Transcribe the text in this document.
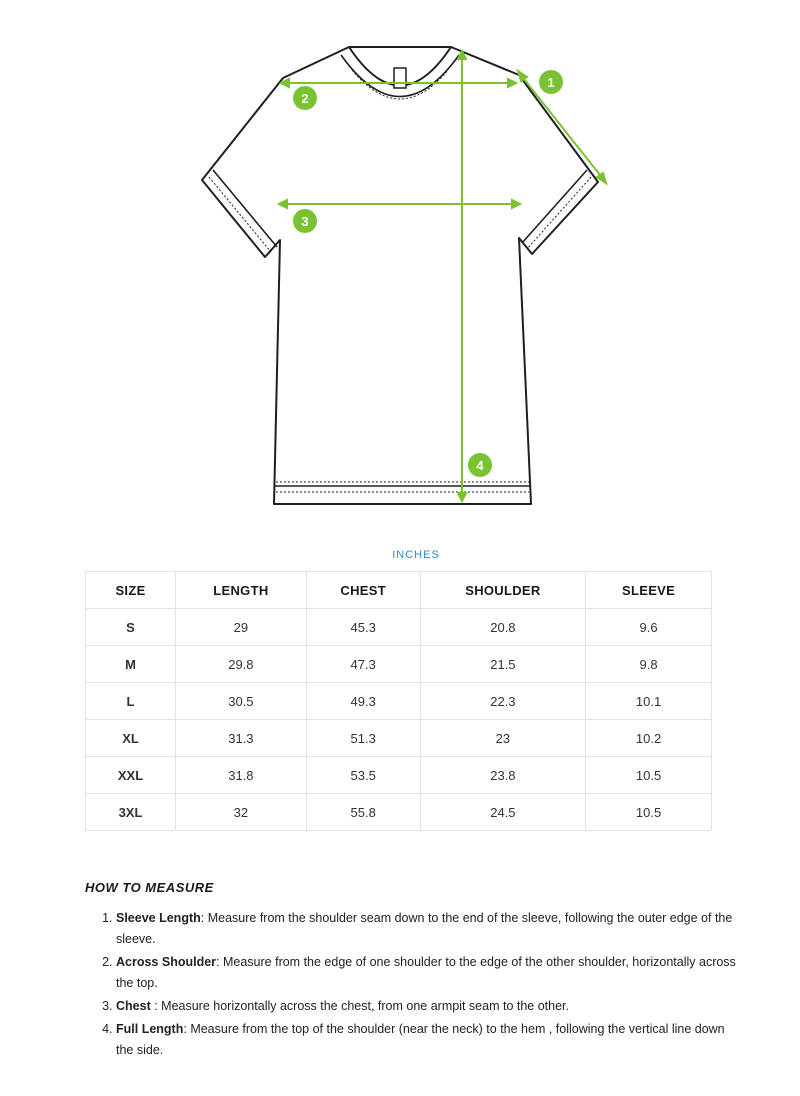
1
2
3
4
INCHES
SIZE	LENGTH	CHEST	SHOULDER	SLEEVE
S	29	45.3	20.8	9.6
M	29.8	47.3	21.5	9.8
L	30.5	49.3	22.3	10.1
XL	31.3	51.3	23	10.2
XXL	31.8	53.5	23.8	10.5
3XL	32	55.8	24.5	10.5
HOW TO MEASURE
1. Sleeve Length: Measure from the shoulder seam down to the end of the sleeve, following the outer edge of the sleeve.
2. Across Shoulder: Measure from the edge of one shoulder to the edge of the other shoulder, horizontally across the top.
3. Chest : Measure horizontally across the chest, from one armpit seam to the other.
4. Full Length: Measure from the top of the shoulder (near the neck) to the hem , following the vertical line down the side.
